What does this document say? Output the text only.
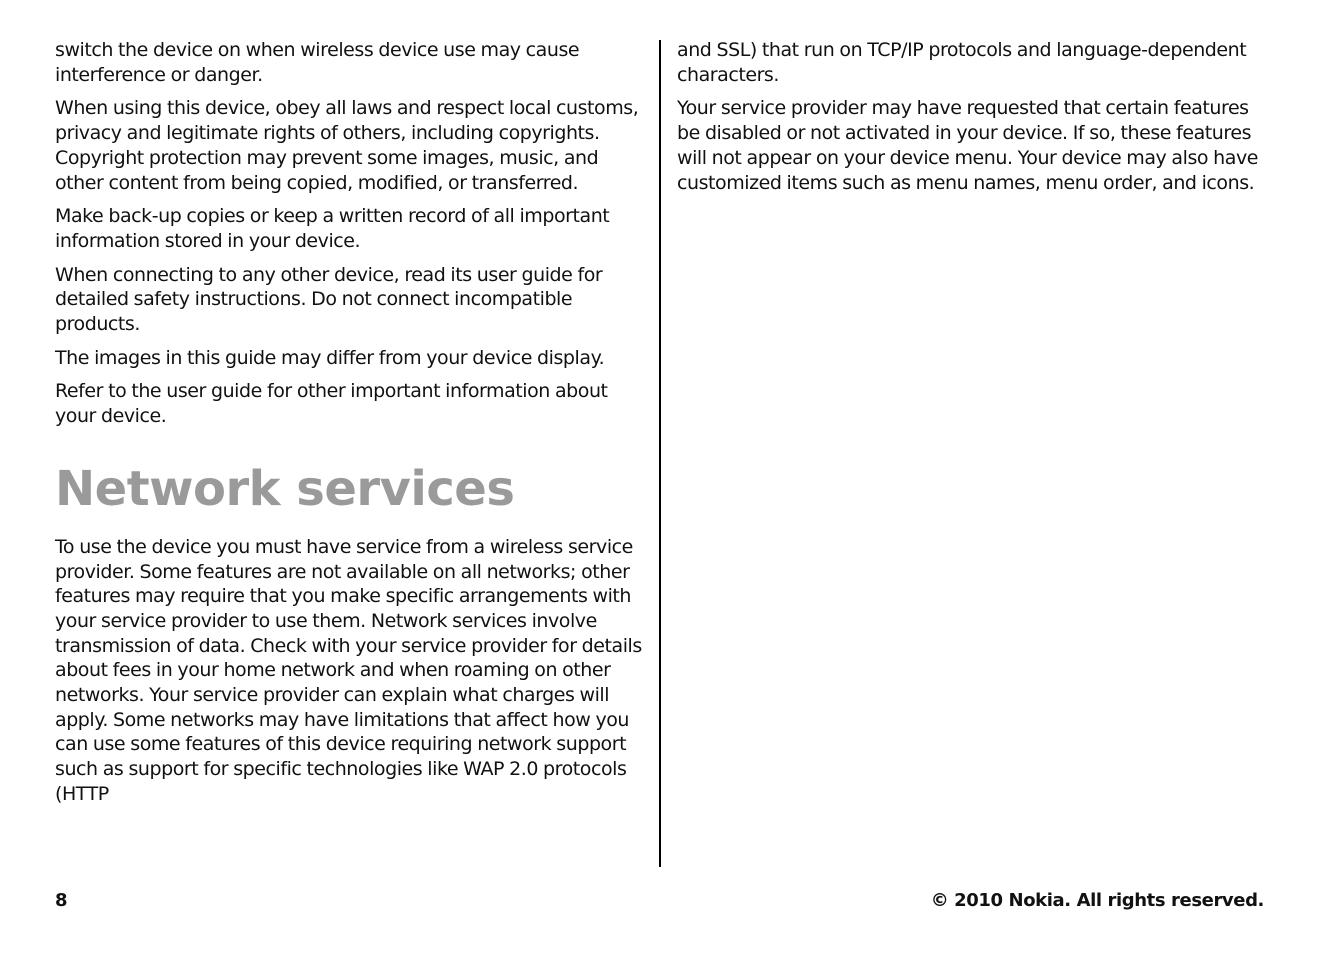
switch the device on when wireless device use may cause interference or danger.

When using this device, obey all laws and respect local customs, privacy and legitimate rights of others, including copyrights. Copyright protection may prevent some images, music, and other content from being copied, modified, or transferred.

Make back-up copies or keep a written record of all important information stored in your device.

When connecting to any other device, read its user guide for detailed safety instructions. Do not connect incompatible products.

The images in this guide may differ from your device display.

Refer to the user guide for other important information about your device.

Network services

To use the device you must have service from a wireless service provider. Some features are not available on all networks; other features may require that you make specific arrangements with your service provider to use them. Network services involve transmission of data. Check with your service provider for details about fees in your home network and when roaming on other networks. Your service provider can explain what charges will apply. Some networks may have limitations that affect how you can use some features of this device requiring network support such as support for specific technologies like WAP 2.0 protocols (HTTP

and SSL) that run on TCP/IP protocols and language-dependent characters.

Your service provider may have requested that certain features be disabled or not activated in your device. If so, these features will not appear on your device menu. Your device may also have customized items such as menu names, menu order, and icons.

8	© 2010 Nokia. All rights reserved.
